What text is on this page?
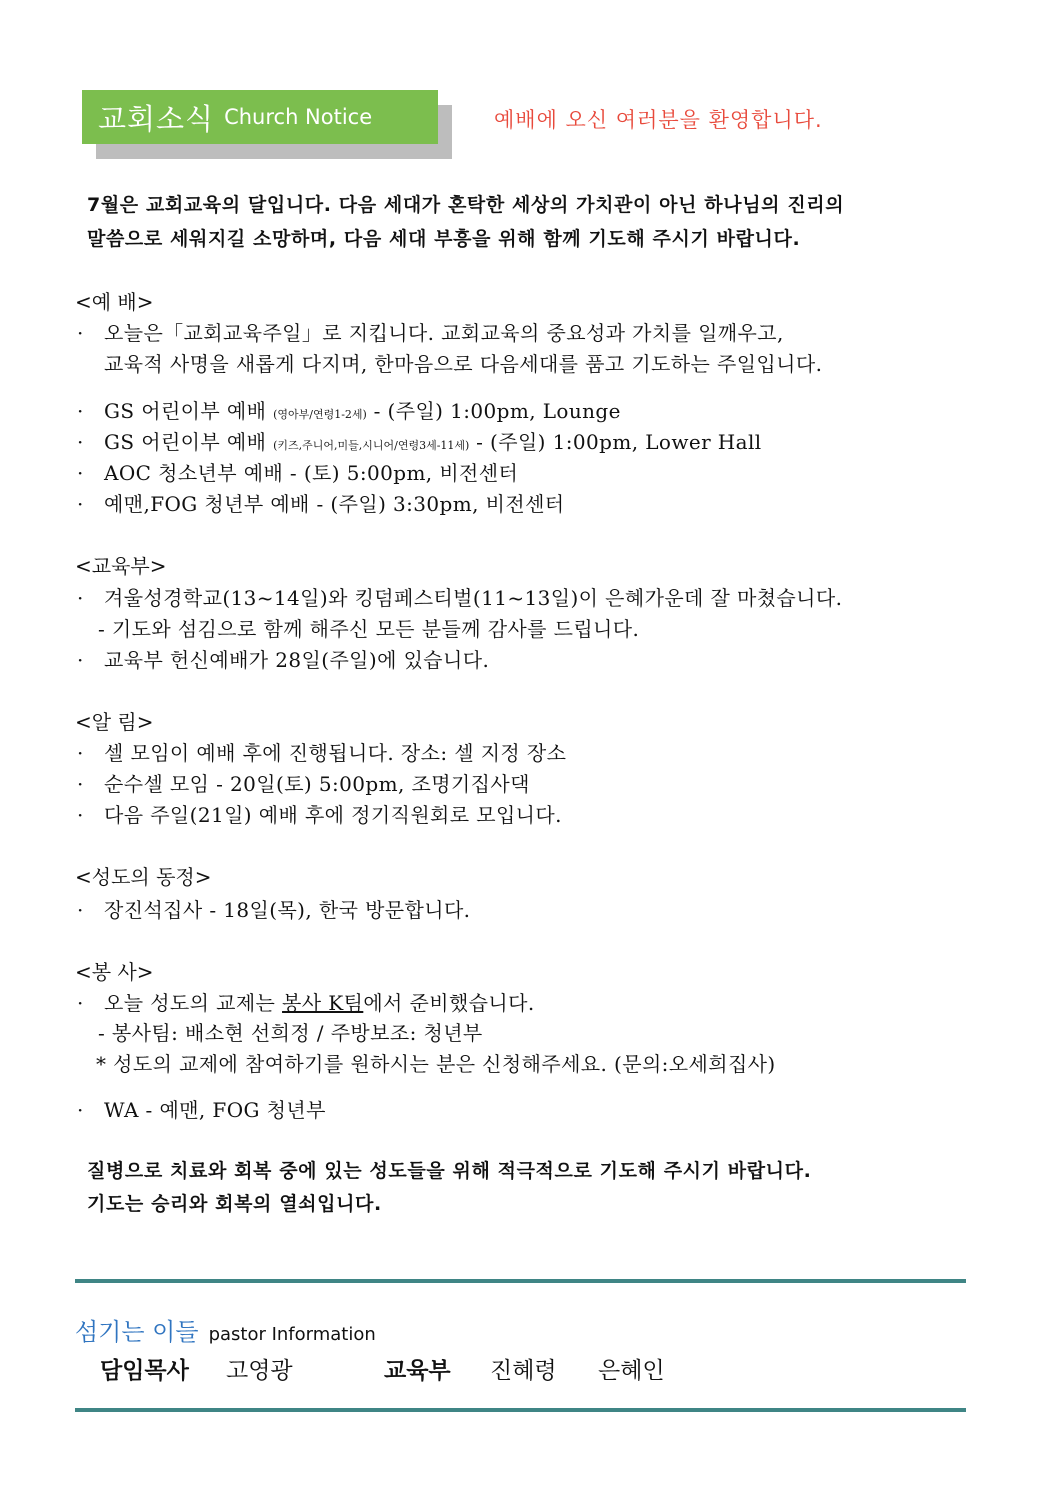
교회소식 Church Notice	예배에 오신 여러분을 환영합니다.
7월은 교회교육의 달입니다. 다음 세대가 혼탁한 세상의 가치관이 아닌 하나님의 진리의
말씀으로 세워지길 소망하며, 다음 세대 부흥을 위해 함께 기도해 주시기 바랍니다.
<예 배>
· 오늘은「교회교육주일」로 지킵니다. 교회교육의 중요성과 가치를 일깨우고,
교육적 사명을 새롭게 다지며, 한마음으로 다음세대를 품고 기도하는 주일입니다.
· GS 어린이부 예배 (영아부/연령1-2세) - (주일) 1:00pm, Lounge
· GS 어린이부 예배 (키즈,주니어,미들,시니어/연령3세-11세) - (주일) 1:00pm, Lower Hall
· AOC 청소년부 예배 - (토) 5:00pm, 비전센터
· 예맨,FOG 청년부 예배 - (주일) 3:30pm, 비전센터
<교육부>
· 겨울성경학교(13~14일)와 킹덤페스티벌(11~13일)이 은혜가운데 잘 마쳤습니다.
- 기도와 섬김으로 함께 해주신 모든 분들께 감사를 드립니다.
· 교육부 헌신예배가 28일(주일)에 있습니다.
<알 림>
· 셀 모임이 예배 후에 진행됩니다. 장소: 셀 지정 장소
· 순수셀 모임 - 20일(토) 5:00pm, 조명기집사댁
· 다음 주일(21일) 예배 후에 정기직원회로 모입니다.
<성도의 동정>
· 장진석집사 - 18일(목), 한국 방문합니다.
<봉 사>
· 오늘 성도의 교제는 봉사 K팀에서 준비했습니다.
- 봉사팀: 배소현 선희정 / 주방보조: 청년부
* 성도의 교제에 참여하기를 원하시는 분은 신청해주세요. (문의:오세희집사)
· WA - 예맨, FOG 청년부
질병으로 치료와 회복 중에 있는 성도들을 위해 적극적으로 기도해 주시기 바랍니다.
기도는 승리와 회복의 열쇠입니다.
섬기는 이들 pastor Information
담임목사 고영광	교육부 진혜령 은혜인
